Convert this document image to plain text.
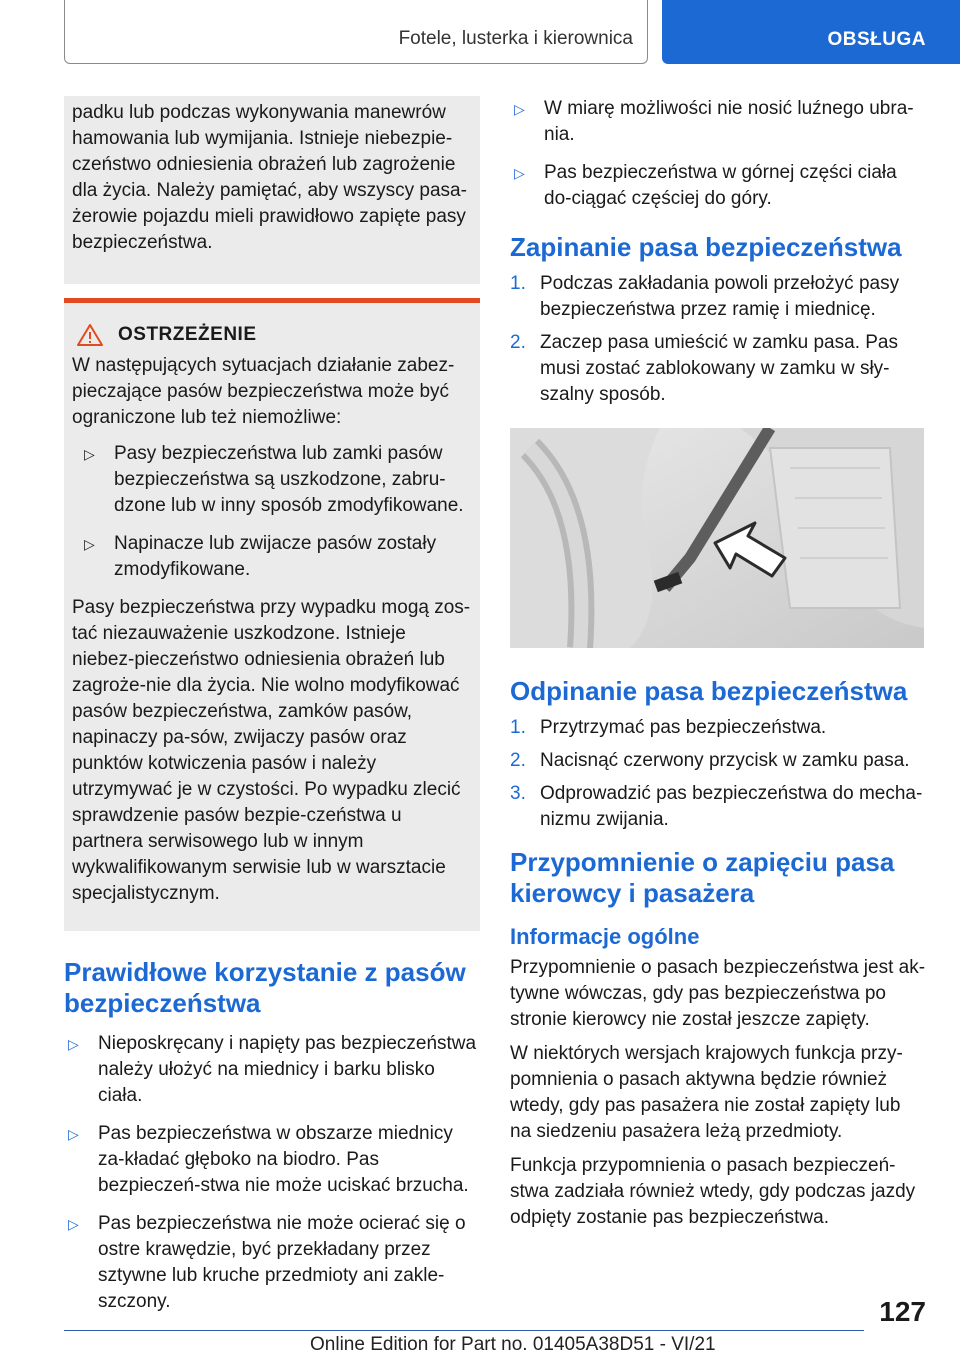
Fotele, lusterka i kierownica	OBSŁUGA

padku lub podczas wykonywania manewrów hamowania lub wymijania. Istnieje niebezpie‐czeństwo odniesienia obrażeń lub zagrożenie dla życia. Należy pamiętać, aby wszyscy pasa‐żerowie pojazdu mieli prawidłowo zapięte pasy bezpieczeństwa.

OSTRZEŻENIE

W następujących sytuacjach działanie zabez‐pieczające pasów bezpieczeństwa może być ograniczone lub też niemożliwe:

▷ Pasy bezpieczeństwa lub zamki pasów bezpieczeństwa są uszkodzone, zabru‐dzone lub w inny sposób zmodyfikowane.
▷ Napinacze lub zwijacze pasów zostały zmodyfikowane.

Pasy bezpieczeństwa przy wypadku mogą zos‐tać niezauważenie uszkodzone. Istnieje niebez‐pieczeństwo odniesienia obrażeń lub zagroże‐nie dla życia. Nie wolno modyfikować pasów bezpieczeństwa, zamków pasów, napinaczy pa‐sów, zwijaczy pasów oraz punktów kotwiczenia pasów i należy utrzymywać je w czystości. Po wypadku zlecić sprawdzenie pasów bezpie‐czeństwa u partnera serwisowego lub w innym wykwalifikowanym serwisie lub w warsztacie specjalistycznym.

Prawidłowe korzystanie z pasów bezpieczeństwa
▷ Nieposkręcany i napięty pas bezpieczeństwa należy ułożyć na miednicy i barku blisko ciała.
▷ Pas bezpieczeństwa w obszarze miednicy za‐kładać głęboko na biodro. Pas bezpieczeń‐stwa nie może uciskać brzucha.
▷ Pas bezpieczeństwa nie może ocierać się o ostre krawędzie, być przekładany przez sztywne lub kruche przedmioty ani zakle‐szczony.
▷ W miarę możliwości nie nosić luźnego ubra‐nia.
▷ Pas bezpieczeństwa w górnej części ciała do‐ciągać częściej do góry.
Zapinanie pasa bezpieczeństwa
1. Podczas zakładania powoli przełożyć pasy bezpieczeństwa przez ramię i miednicę.
2. Zaczep pasa umieścić w zamku pasa. Pas musi zostać zablokowany w zamku w sły‐szalny sposób.
Odpinanie pasa bezpieczeństwa
1. Przytrzymać pas bezpieczeństwa.
2. Nacisnąć czerwony przycisk w zamku pasa.
3. Odprowadzić pas bezpieczeństwa do mecha‐nizmu zwijania.
Przypomnienie o zapięciu pasa kierowcy i pasażera
Informacje ogólne

Przypomnienie o pasach bezpieczeństwa jest ak‐tywne wówczas, gdy pas bezpieczeństwa po stronie kierowcy nie został jeszcze zapięty.

W niektórych wersjach krajowych funkcja przy‐pomnienia o pasach aktywna będzie również wtedy, gdy pas pasażera nie został zapięty lub na siedzeniu pasażera leżą przedmioty.

Funkcja przypomnienia o pasach bezpieczeń‐stwa zadziała również wtedy, gdy podczas jazdy odpięty zostanie pas bezpieczeństwa.

127
Online Edition for Part no. 01405A38D51 - VI/21
